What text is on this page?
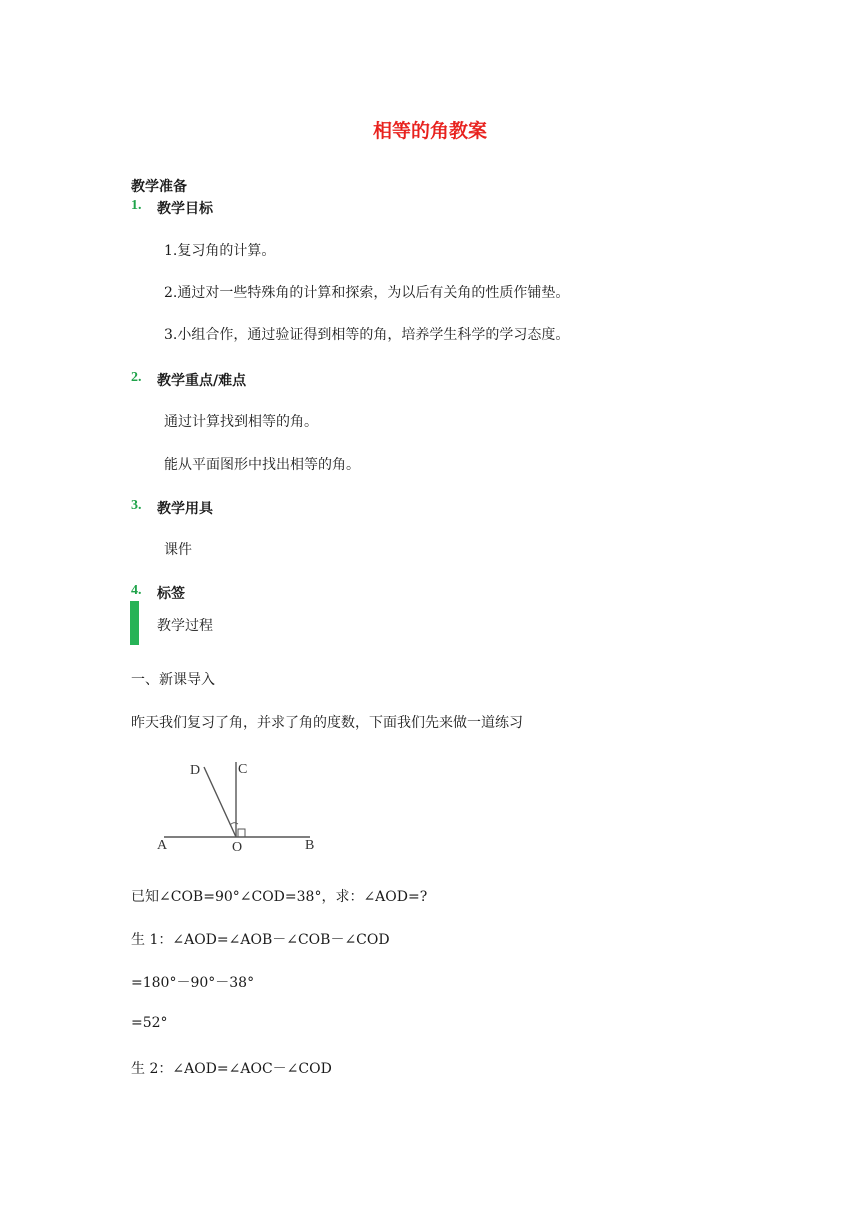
相等的角教案
教学准备
1. 教学目标
1.复习角的计算。
2.通过对一些特殊角的计算和探索，为以后有关角的性质作铺垫。
3.小组合作，通过验证得到相等的角，培养学生科学的学习态度。
2. 教学重点/难点
通过计算找到相等的角。
能从平面图形中找出相等的角。
3. 教学用具
课件
4. 标签
教学过程
一、新课导入
昨天我们复习了角，并求了角的度数，下面我们先来做一道练习
D	C
A	O	B
已知∠COB=90°∠COD=38°，求：∠AOD=?
生 1：∠AOD=∠AOB－∠COB－∠COD
=180°－90°－38°
=52°
生 2：∠AOD=∠AOC－∠COD
